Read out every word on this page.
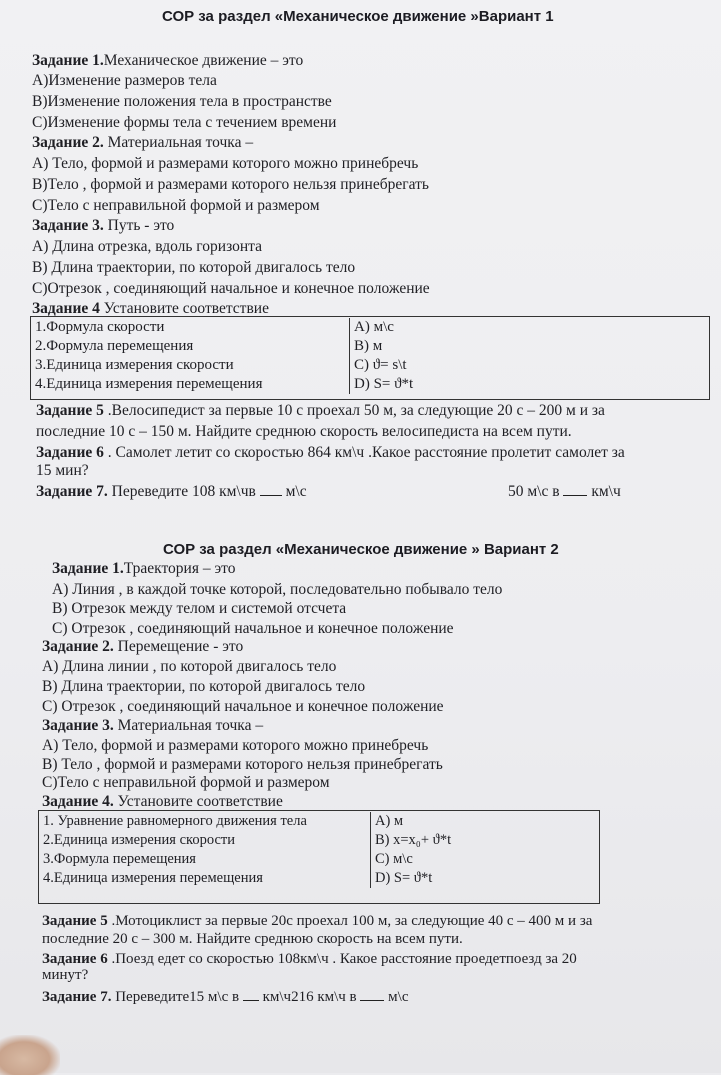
СОР за раздел «Механическое движение »Вариант 1
Задание 1.Механическое движение – это
А)Изменение размеров тела
В)Изменение положения тела в пространстве
С)Изменение формы тела с течением времени
Задание 2. Материальная точка –
А) Тело, формой и размерами которого можно принебречь
В)Тело , формой и размерами которого нельзя принебрегать
С)Тело с неправильной формой и размером
Задание 3. Путь - это
А) Длина отрезка, вдоль горизонта
В) Длина траектории, по которой двигалось тело
С)Отрезок , соединяющий начальное и конечное положение
Задание 4 Установите соответствие
1.Формула скорости	А) м\с
2.Формула перемещения	В) м
3.Единица измерения скорости	С) ϑ= s\t
4.Единица измерения перемещения	D) S= ϑ*t
Задание 5 .Велосипедист за первые 10 с проехал 50 м, за следующие 20 с – 200 м и за
последние 10 с – 150 м. Найдите среднюю скорость велосипедиста на всем пути.
Задание 6 . Самолет летит со скоростью 864 км\ч .Какое расстояние пролетит самолет за
15 мин?
Задание 7. Переведите 108 км\чв м\с	50 м\с в км\ч
СОР за раздел «Механическое движение » Вариант 2
Задание 1.Траектория – это
А) Линия , в каждой точке которой, последовательно побывало тело
В) Отрезок между телом и системой отсчета
С) Отрезок , соединяющий начальное и конечное положение
Задание 2. Перемещение - это
А) Длина линии , по которой двигалось тело
В) Длина траектории, по которой двигалось тело
С) Отрезок , соединяющий начальное и конечное положение
Задание 3. Материальная точка –
А) Тело, формой и размерами которого можно принебречь
В) Тело , формой и размерами которого нельзя принебрегать
С)Тело с неправильной формой и размером
Задание 4. Установите соответствие
1. Уравнение равномерного движения тела	А) м
2.Единица измерения скорости	В) x=x₀+ ϑ*t
3.Формула перемещения	С) м\с
4.Единица измерения перемещения	D) S= ϑ*t
Задание 5 .Мотоциклист за первые 20с проехал 100 м, за следующие 40 с – 400 м и за
последние 20 с – 300 м. Найдите среднюю скорость на всем пути.
Задание 6 .Поезд едет со скоростью 108км\ч . Какое расстояние проедетпоезд за 20
минут?
Задание 7. Переведите15 м\с в км\ч216 км\ч в м\с
